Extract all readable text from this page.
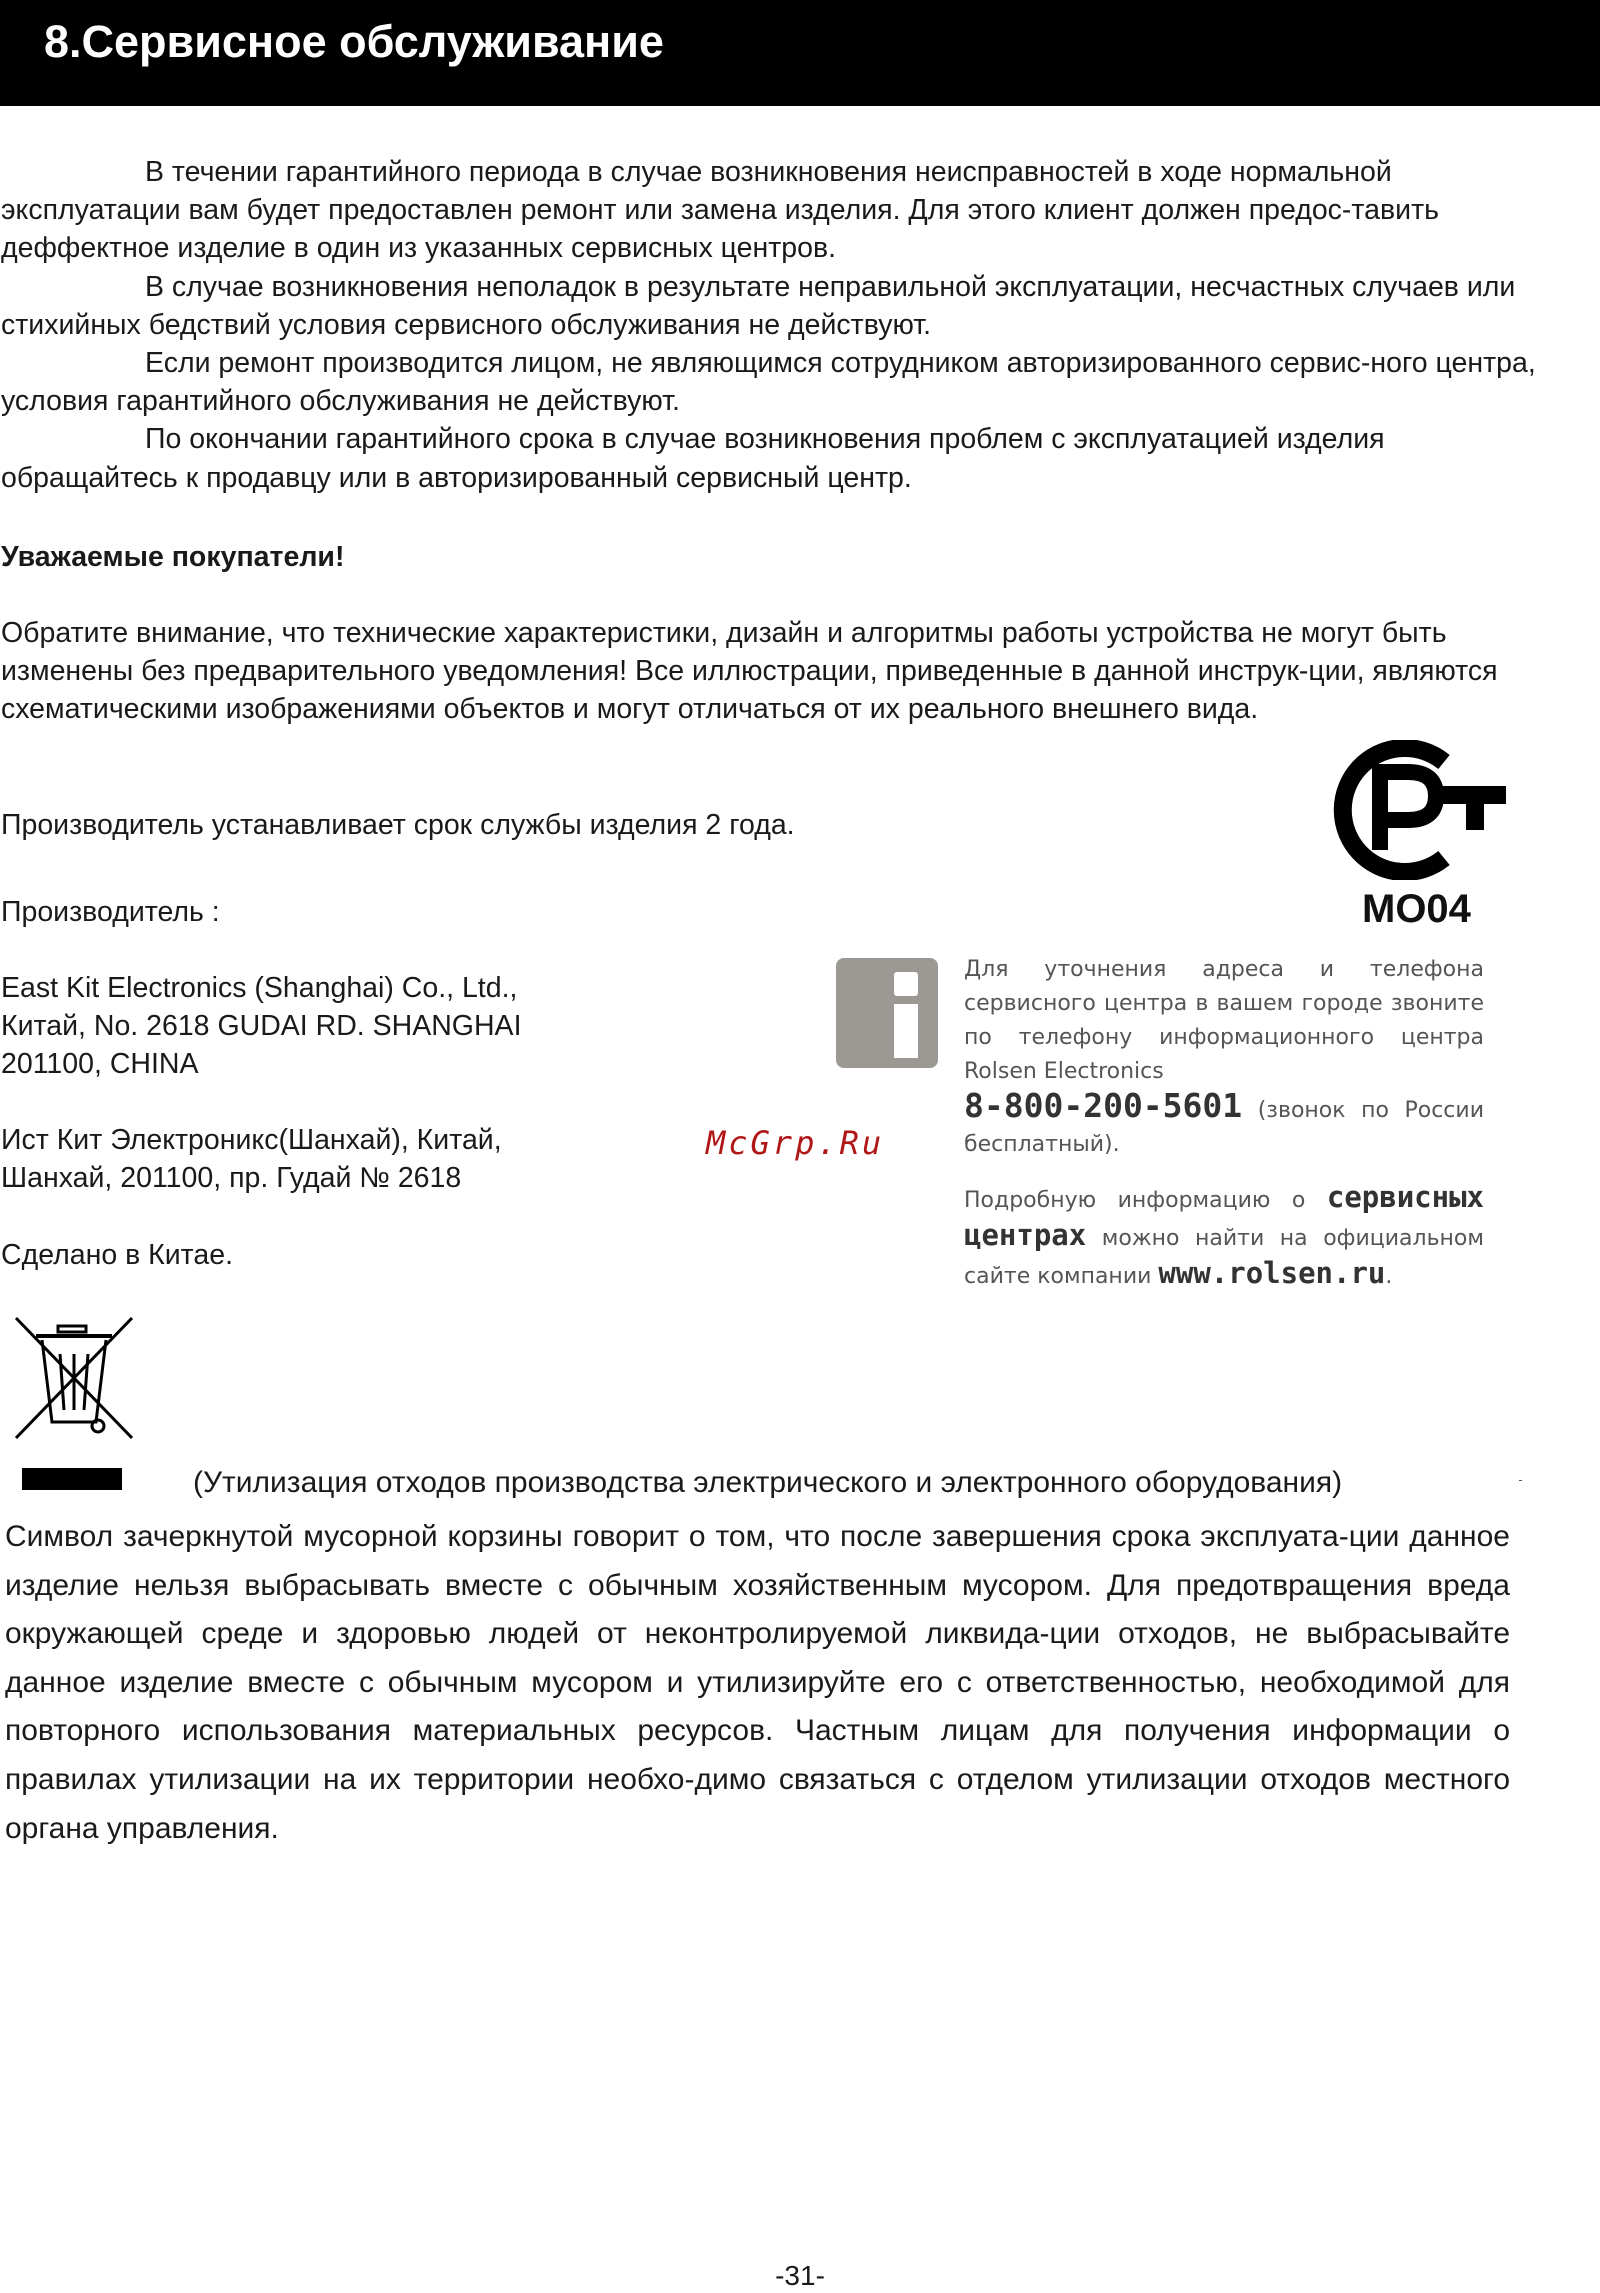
8.Сервисное обслуживание

В течении гарантийного периода в случае возникновения неисправностей в ходе нормальной эксплуатации вам будет предоставлен ремонт или замена изделия. Для этого клиент должен предос-тавить деффектное изделие в один из указанных сервисных центров.

В случае возникновения неполадок в результате неправильной эксплуатации, несчастных случаев или стихийных бедствий условия сервисного обслуживания не действуют.

Если ремонт производится лицом, не являющимся сотрудником авторизированного сервис-ного центра, условия гарантийного обслуживания не действуют.

По окончании гарантийного срока в случае возникновения проблем с эксплуатацией изделия обращайтесь к продавцу или в авторизированный сервисный центр.

Уважаемые покупатели!

Обратите внимание, что технические характеристики, дизайн и алгоритмы работы устройства не могут быть изменены без предварительного уведомления! Все иллюстрации, приведенные в данной инструк-ции, являются схематическими изображениями объектов и могут отличаться от их реального внешнего вида.

Производитель устанавливает срок службы изделия 2 года.

Производитель :

East Kit Electronics (Shanghai) Co., Ltd.,

Китай, No. 2618 GUDAI RD. SHANGHAI

201100, CHINA

Ист Кит Электроникс(Шанхай), Китай,

Шанхай, 201100, пр. Гудай № 2618

Сделано в Китае.

МО04

Для уточнения адреса и телефона сервисного центра в вашем городе звоните по телефону информационного центра Rolsen Electronics
8-800-200-5601 (звонок по России бесплатный).

Подробную информацию о сервисных центрах можно найти на официальном сайте компании www.rolsen.ru.

McGrp.Ru

(Утилизация отходов производства электрического и электронного оборудования)

Символ зачеркнутой мусорной корзины говорит о том, что после завершения срока эксплуата-ции данное изделие нельзя выбрасывать вместе с обычным хозяйственным мусором. Для предотвращения вреда окружающей среде и здоровью людей от неконтролируемой ликвида-ции отходов, не выбрасывайте данное изделие вместе с обычным мусором и утилизируйте его с ответственностью, необходимой для повторного использования материальных ресурсов. Частным лицам для получения информации о правилах утилизации на их территории необхо-димо связаться с отделом утилизации отходов местного органа управления.

-31-
